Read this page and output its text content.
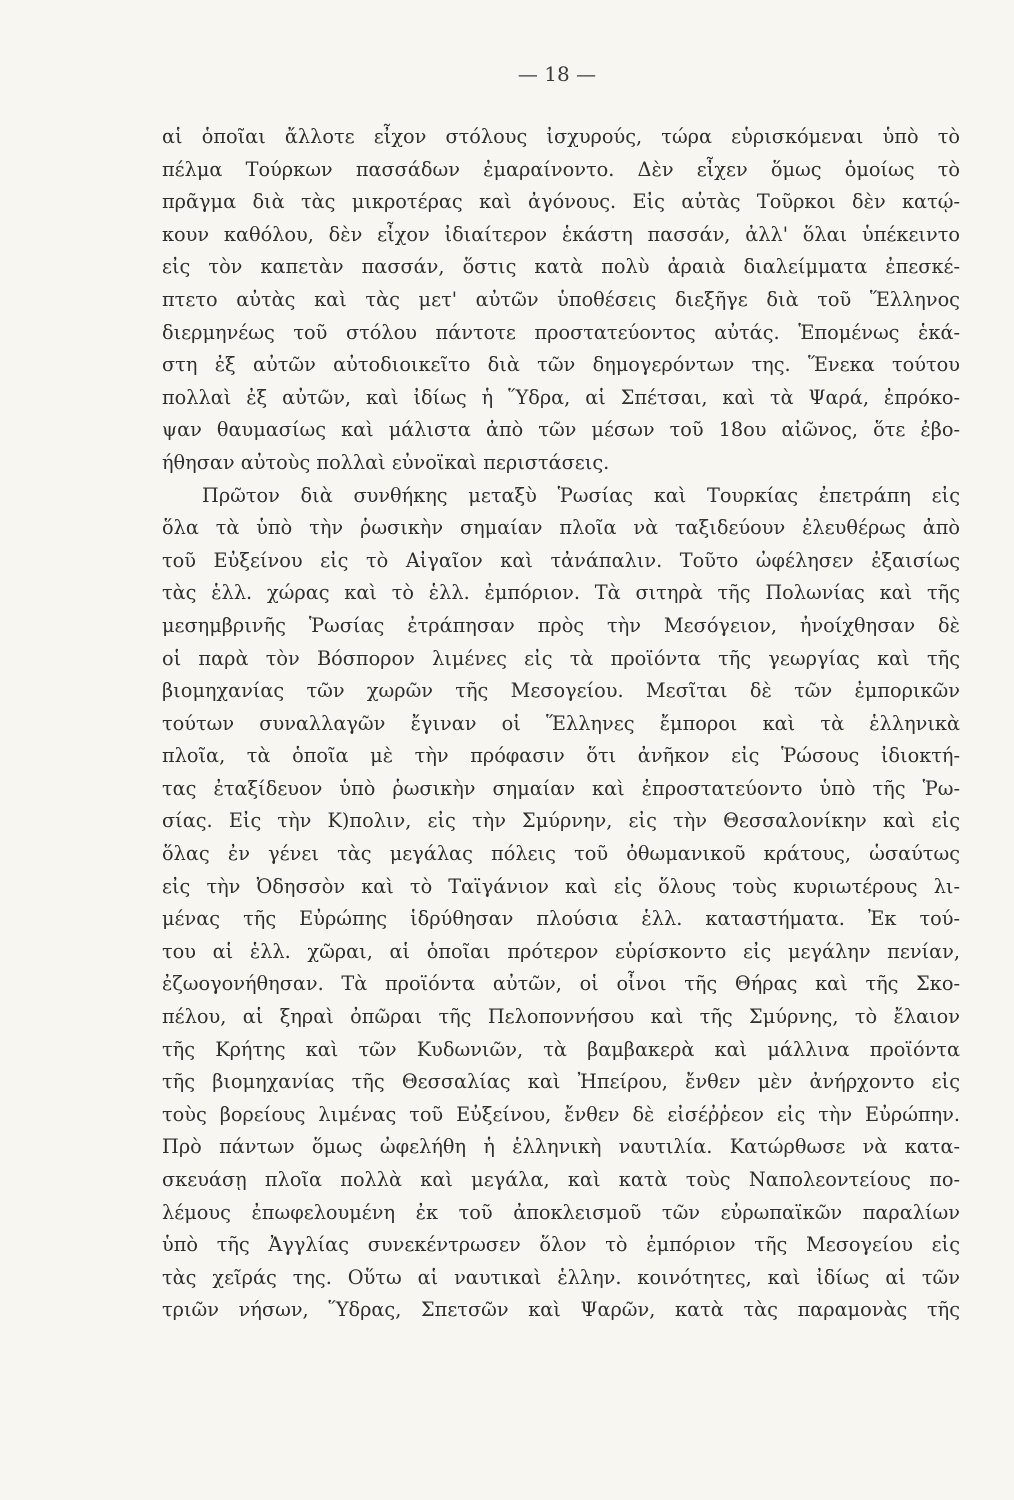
— 18 —
αἱ ὁποῖαι ἄλλοτε εἶχον στόλους ἰσχυρούς, τώρα εὑρισκόμεναι ὑπὸ τὸ
πέλμα Τούρκων πασσάδων ἐμαραίνοντο. Δὲν εἶχεν ὅμως ὁμοίως τὸ
πρᾶγμα διὰ τὰς μικροτέρας καὶ ἀγόνους. Εἰς αὐτὰς Τοῦρκοι δὲν κατῴ-
κουν καθόλου, δὲν εἶχον ἰδιαίτερον ἑκάστη πασσάν, ἀλλ' ὅλαι ὑπέκειντο
εἰς τὸν καπετὰν πασσάν, ὅστις κατὰ πολὺ ἀραιὰ διαλείμματα ἐπεσκέ-
πτετο αὐτὰς καὶ τὰς μετ' αὐτῶν ὑποθέσεις διεξῆγε διὰ τοῦ Ἕλληνος
διερμηνέως τοῦ στόλου πάντοτε προστατεύοντος αὐτάς. Ἑπομένως ἑκά-
στη ἐξ αὐτῶν αὐτοδιοικεῖτο διὰ τῶν δημογερόντων της. Ἕνεκα τούτου
πολλαὶ ἐξ αὐτῶν, καὶ ἰδίως ἡ Ὕδρα, αἱ Σπέτσαι, καὶ τὰ Ψαρά, ἐπρόκο-
ψαν θαυμασίως καὶ μάλιστα ἀπὸ τῶν μέσων τοῦ 18ου αἰῶνος, ὅτε ἐβο-
ήθησαν αὐτοὺς πολλαὶ εὐνοϊκαὶ περιστάσεις.
Πρῶτον διὰ συνθήκης μεταξὺ Ῥωσίας καὶ Τουρκίας ἐπετράπη εἰς
ὅλα τὰ ὑπὸ τὴν ῥωσικὴν σημαίαν πλοῖα νὰ ταξιδεύουν ἐλευθέρως ἀπὸ
τοῦ Εὐξείνου εἰς τὸ Αἰγαῖον καὶ τἀνάπαλιν. Τοῦτο ὠφέλησεν ἐξαισίως
τὰς ἑλλ. χώρας καὶ τὸ ἑλλ. ἐμπόριον. Τὰ σιτηρὰ τῆς Πολωνίας καὶ τῆς
μεσημβρινῆς Ῥωσίας ἐτράπησαν πρὸς τὴν Μεσόγειον, ἠνοίχθησαν δὲ
οἱ παρὰ τὸν Βόσπορον λιμένες εἰς τὰ προϊόντα τῆς γεωργίας καὶ τῆς
βιομηχανίας τῶν χωρῶν τῆς Μεσογείου. Μεσῖται δὲ τῶν ἐμπορικῶν
τούτων συναλλαγῶν ἔγιναν οἱ Ἕλληνες ἔμποροι καὶ τὰ ἑλληνικὰ
πλοῖα, τὰ ὁποῖα μὲ τὴν πρόφασιν ὅτι ἀνῆκον εἰς Ῥώσους ἰδιοκτή-
τας ἐταξίδευον ὑπὸ ῥωσικὴν σημαίαν καὶ ἐπροστατεύοντο ὑπὸ τῆς Ῥω-
σίας. Εἰς τὴν Κ)πολιν, εἰς τὴν Σμύρνην, εἰς τὴν Θεσσαλονίκην καὶ εἰς
ὅλας ἐν γένει τὰς μεγάλας πόλεις τοῦ ὀθωμανικοῦ κράτους, ὡσαύτως
εἰς τὴν Ὀδησσὸν καὶ τὸ Ταϊγάνιον καὶ εἰς ὅλους τοὺς κυριωτέρους λι-
μένας τῆς Εὐρώπης ἱδρύθησαν πλούσια ἑλλ. καταστήματα. Ἐκ τού-
του αἱ ἑλλ. χῶραι, αἱ ὁποῖαι πρότερον εὑρίσκοντο εἰς μεγάλην πενίαν,
ἐζωογονήθησαν. Τὰ προϊόντα αὐτῶν, οἱ οἶνοι τῆς Θήρας καὶ τῆς Σκο-
πέλου, αἱ ξηραὶ ὀπῶραι τῆς Πελοποννήσου καὶ τῆς Σμύρνης, τὸ ἔλαιον
τῆς Κρήτης καὶ τῶν Κυδωνιῶν, τὰ βαμβακερὰ καὶ μάλλινα προϊόντα
τῆς βιομηχανίας τῆς Θεσσαλίας καὶ Ἠπείρου, ἔνθεν μὲν ἀνήρχοντο εἰς
τοὺς βορείους λιμένας τοῦ Εὐξείνου, ἔνθεν δὲ εἰσέῤῥεον εἰς τὴν Εὐρώπην.
Πρὸ πάντων ὅμως ὠφελήθη ἡ ἑλληνικὴ ναυτιλία. Κατώρθωσε νὰ κατα-
σκευάσῃ πλοῖα πολλὰ καὶ μεγάλα, καὶ κατὰ τοὺς Ναπολεοντείους πο-
λέμους ἐπωφελουμένη ἐκ τοῦ ἀποκλεισμοῦ τῶν εὐρωπαϊκῶν παραλίων
ὑπὸ τῆς Ἀγγλίας συνεκέντρωσεν ὅλον τὸ ἐμπόριον τῆς Μεσογείου εἰς
τὰς χεῖράς της. Οὕτω αἱ ναυτικαὶ ἑλλην. κοινότητες, καὶ ἰδίως αἱ τῶν
τριῶν νήσων, Ὕδρας, Σπετσῶν καὶ Ψαρῶν, κατὰ τὰς παραμονὰς τῆς
